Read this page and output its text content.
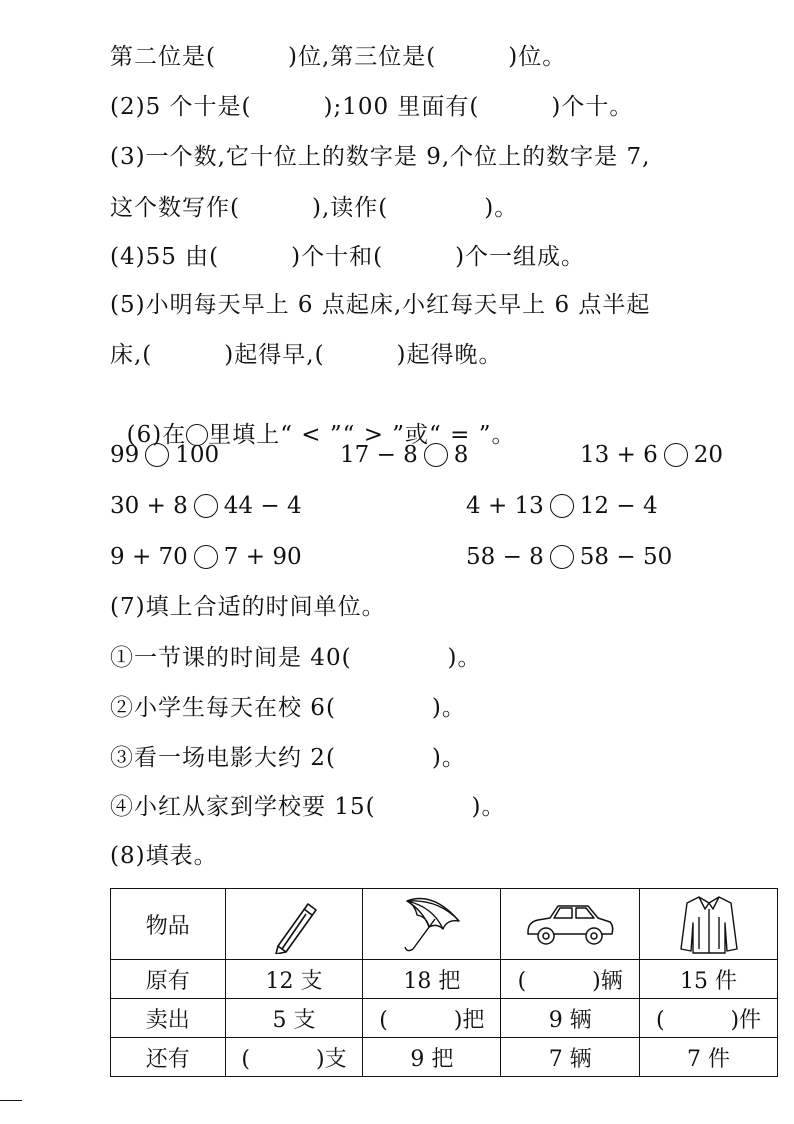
第二位是(　　　)位,第三位是(　　　)位。
(2)5 个十是(　　　);100 里面有(　　　)个十。
(3)一个数,它十位上的数字是 9,个位上的数字是 7,
这个数写作(　　　),读作(　　　　)。
(4)55 由(　　　)个十和(　　　)个一组成。
(5)小明每天早上 6 点起床,小红每天早上 6 点半起
床,(　　　)起得早,(　　　)起得晚。

(6)在 里填上“ < ”“ > ”或“ = ”。

99 100	17 − 8 8	13 + 6 20
30 + 8 44 − 4	4 + 13 12 − 4
9 + 70 7 + 90	58 − 8 58 − 50
(7)填上合适的时间单位。
①一节课的时间是 40(　　　　)。
②小学生每天在校 6(　　　　)。
③看一场电影大约 2(　　　　)。
④小红从家到学校要 15(　　　　)。
(8)填表。
物品	

原有	12 支	18 把	(　　　)辆	15 件
卖出	5 支	(　　　)把	9 辆	(　　　)件
还有	(　　　)支	9 把	7 辆	7 件
